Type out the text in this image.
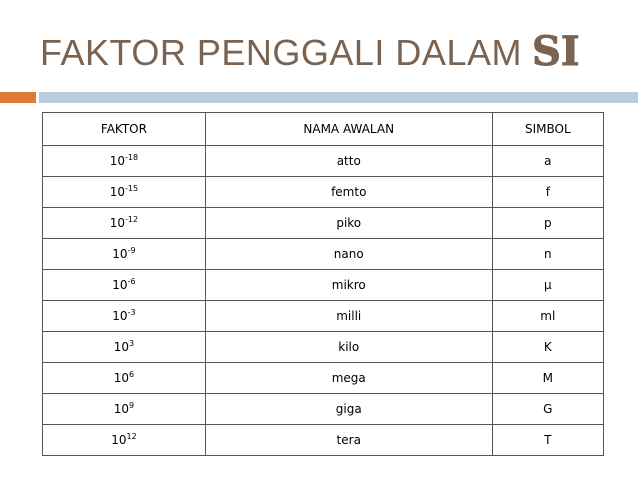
FAKTOR PENGGALI DALAM SI
FAKTOR	NAMA AWALAN	SIMBOL
$10^{-18}$	atto	a
$10^{-15}$	femto	f
$10^{-12}$	piko	p
$10^{-9}$	nano	n
$10^{-6}$	mikro	µ
$10^{-3}$	milli	ml
$10^3$	kilo	K
$10^6$	mega	M
$10^9$	giga	G
$10^{12}$	tera	T
